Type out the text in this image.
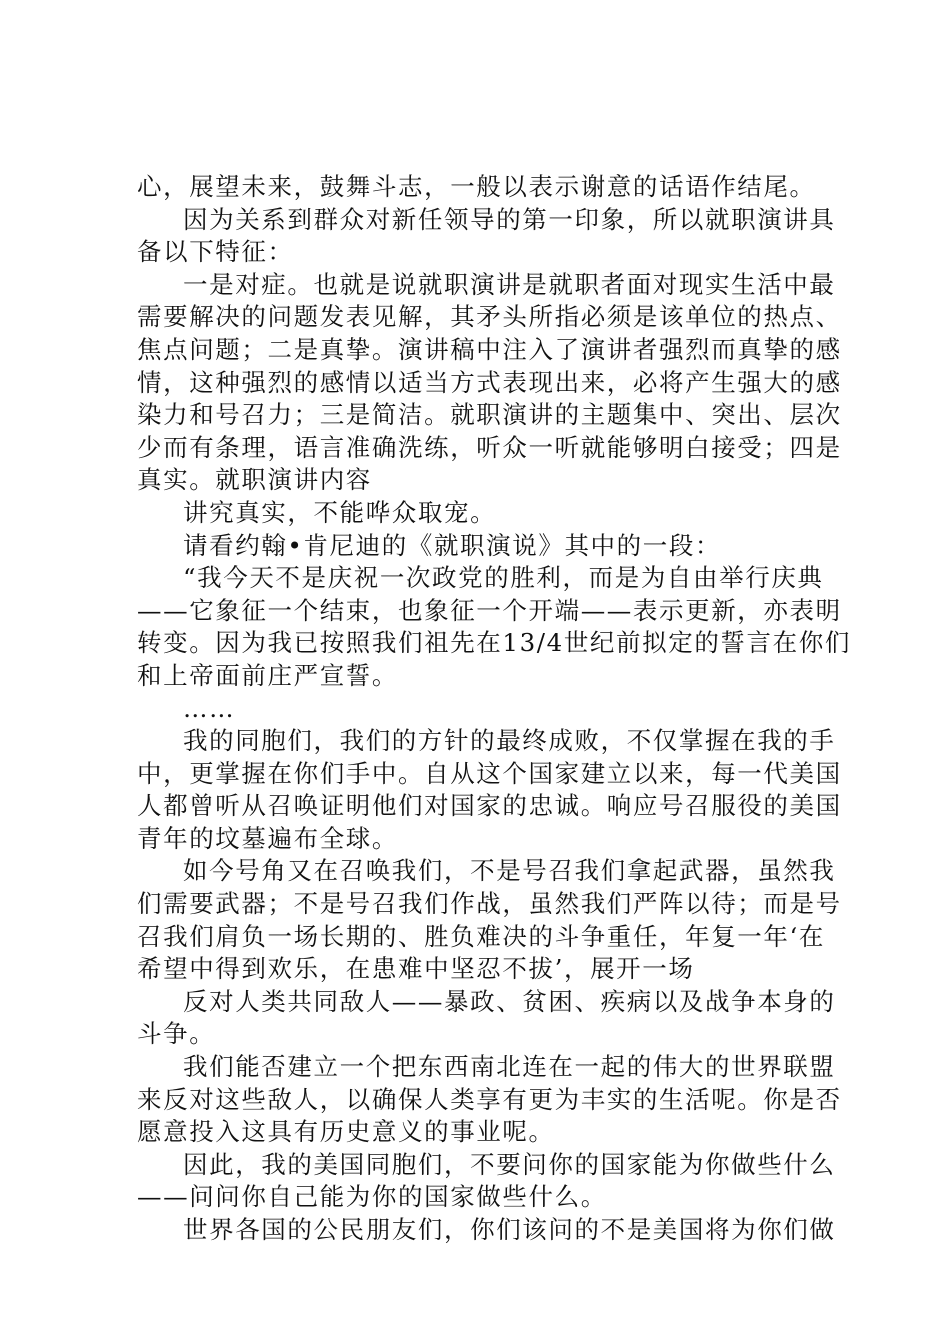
心，展望未来，鼓舞斗志，一般以表示谢意的话语作结尾。
因为关系到群众对新任领导的第一印象，所以就职演讲具
备以下特征：
一是对症。也就是说就职演讲是就职者面对现实生活中最
需要解决的问题发表见解，其矛头所指必须是该单位的热点、
焦点问题；二是真挚。演讲稿中注入了演讲者强烈而真挚的感
情，这种强烈的感情以适当方式表现出来，必将产生强大的感
染力和号召力；三是简洁。就职演讲的主题集中、突出、层次
少而有条理，语言准确洗练，听众一听就能够明白接受；四是
真实。就职演讲内容
讲究真实，不能哗众取宠。
请看约翰•肯尼迪的《就职演说》其中的一段：
“我今天不是庆祝一次政党的胜利，而是为自由举行庆典
——它象征一个结束，也象征一个开端——表示更新，亦表明
转变。因为我已按照我们祖先在13/4世纪前拟定的誓言在你们
和上帝面前庄严宣誓。
……
我的同胞们，我们的方针的最终成败，不仅掌握在我的手
中，更掌握在你们手中。自从这个国家建立以来，每一代美国
人都曾听从召唤证明他们对国家的忠诚。响应号召服役的美国
青年的坟墓遍布全球。
如今号角又在召唤我们，不是号召我们拿起武器，虽然我
们需要武器；不是号召我们作战，虽然我们严阵以待；而是号
召我们肩负一场长期的、胜负难决的斗争重任，年复一年‘在
希望中得到欢乐，在患难中坚忍不拔’，展开一场
反对人类共同敌人——暴政、贫困、疾病以及战争本身的
斗争。
我们能否建立一个把东西南北连在一起的伟大的世界联盟
来反对这些敌人，以确保人类享有更为丰实的生活呢。你是否
愿意投入这具有历史意义的事业呢。
因此，我的美国同胞们，不要问你的国家能为你做些什么
——问问你自己能为你的国家做些什么。
世界各国的公民朋友们，你们该问的不是美国将为你们做
